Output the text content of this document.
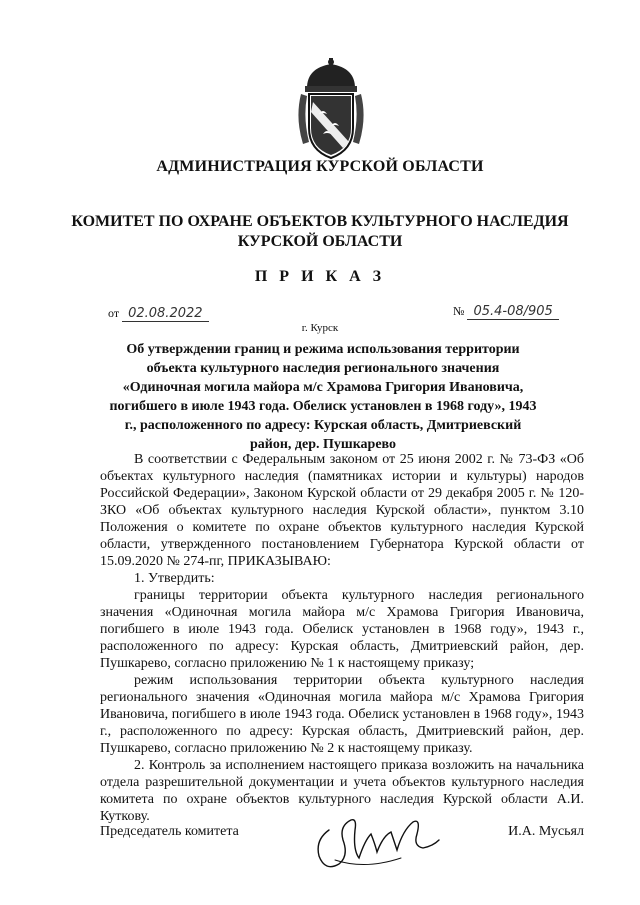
АДМИНИСТРАЦИЯ КУРСКОЙ ОБЛАСТИ
КОМИТЕТ ПО ОХРАНЕ ОБЪЕКТОВ КУЛЬТУРНОГО НАСЛЕДИЯ
КУРСКОЙ ОБЛАСТИ
П Р И К А З
от 02.08.2022	№ 05.4-08/905
г. Курск
Об утверждении границ и режима использования территории объекта культурного наследия регионального значения «Одиночная могила майора м/с Храмова Григория Ивановича, погибшего в июле 1943 года. Обелиск установлен в 1968 году», 1943 г., расположенного по адресу: Курская область, Дмитриевский район, дер. Пушкарево

В соответствии с Федеральным законом от 25 июня 2002 г. № 73-ФЗ «Об объектах культурного наследия (памятниках истории и культуры) народов Российской Федерации», Законом Курской области от 29 декабря 2005 г. № 120-ЗКО «Об объектах культурного наследия Курской области», пунктом 3.10 Положения о комитете по охране объектов культурного наследия Курской области, утвержденного постановлением Губернатора Курской области от 15.09.2020 № 274-пг, ПРИКАЗЫВАЮ:

1. Утвердить:

границы территории объекта культурного наследия регионального значения «Одиночная могила майора м/с Храмова Григория Ивановича, погибшего в июле 1943 года. Обелиск установлен в 1968 году», 1943 г., расположенного по адресу: Курская область, Дмитриевский район, дер. Пушкарево, согласно приложению № 1 к настоящему приказу;

режим использования территории объекта культурного наследия регионального значения «Одиночная могила майора м/с Храмова Григория Ивановича, погибшего в июле 1943 года. Обелиск установлен в 1968 году», 1943 г., расположенного по адресу: Курская область, Дмитриевский район, дер. Пушкарево, согласно приложению № 2 к настоящему приказу.

2. Контроль за исполнением настоящего приказа возложить на начальника отдела разрешительной документации и учета объектов культурного наследия комитета по охране объектов культурного наследия Курской области А.И. Куткову.

Председатель комитета	И.А. Мусьял
